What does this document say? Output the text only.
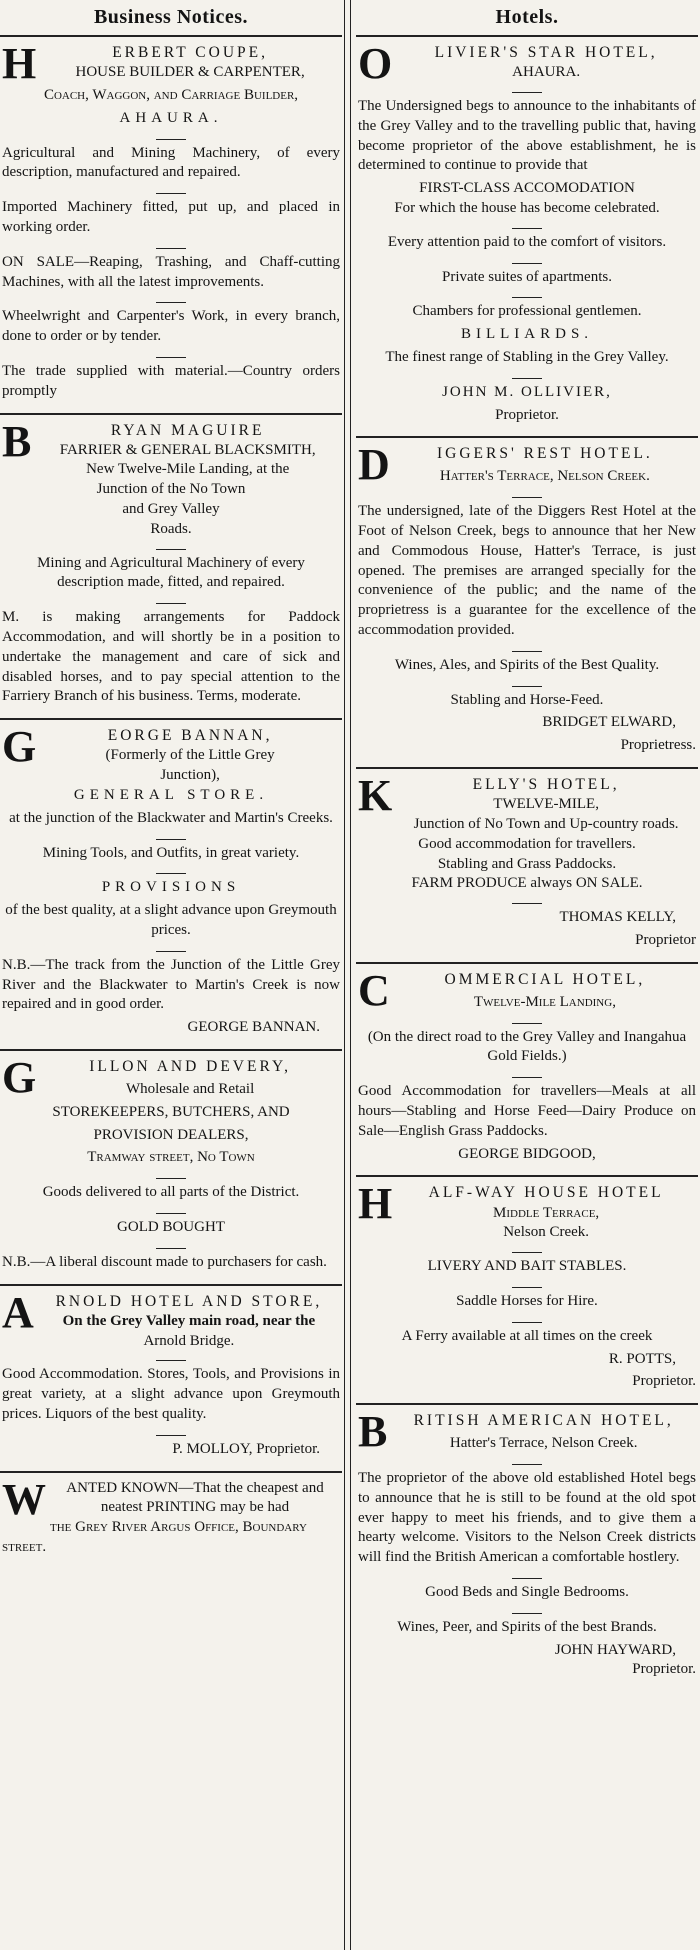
Business Notices.
H	ERBERT COUPE,
HOUSE BUILDER & CARPENTER,

Coach, Waggon, and Carriage Builder,

AHAURA.

Agricultural and Mining Machinery, of every description, manufactured and repaired.

Imported Machinery fitted, put up, and placed in working order.

ON SALE—Reaping, Trashing, and Chaff-cutting Machines, with all the latest improvements.

Wheelwright and Carpenter's Work, in every branch, done to order or by tender.

The trade supplied with material.—Country orders promptly

B	RYAN MAGUIRE
FARRIER & GENERAL BLACKSMITH,
New Twelve-Mile Landing, at the
Junction of the No Town
and Grey Valley
Roads.

Mining and Agricultural Machinery of every description made, fitted, and repaired.

M. is making arrangements for Paddock Accommodation, and will shortly be in a position to undertake the management and care of sick and disabled horses, and to pay special attention to the Farriery Branch of his business. Terms, moderate.

G	EORGE BANNAN,
(Formerly of the Little Grey
Junction),
GENERAL STORE.

at the junction of the Blackwater and Martin's Creeks.

Mining Tools, and Outfits, in great variety.

PROVISIONS

of the best quality, at a slight advance upon Greymouth prices.

N.B.—The track from the Junction of the Little Grey River and the Blackwater to Martin's Creek is now repaired and in good order.

GEORGE BANNAN.

G	ILLON AND DEVERY,

Wholesale and Retail

STOREKEEPERS, BUTCHERS, AND

PROVISION DEALERS,

Tramway street, No Town

Goods delivered to all parts of the District.

GOLD BOUGHT

N.B.—A liberal discount made to purchasers for cash.

A	RNOLD HOTEL AND STORE,
On the Grey Valley main road, near the
Arnold Bridge.

Good Accommodation. Stores, Tools, and Provisions in great variety, at a slight advance upon Greymouth prices. Liquors of the best quality.

P. MOLLOY, Proprietor.

W	ANTED KNOWN—That the cheapest and neatest PRINTING may be had
the Grey River Argus Office, Boundary street.
Hotels.
O	LIVIER'S STAR HOTEL,
AHAURA.

The Undersigned begs to announce to the inhabitants of the Grey Valley and to the travelling public that, having become proprietor of the above establishment, he is determined to continue to provide that

FIRST-CLASS ACCOMODATION
For which the house has become celebrated.

Every attention paid to the comfort of visitors.

Private suites of apartments.

Chambers for professional gentlemen.

BILLIARDS.

The finest range of Stabling in the Grey Valley.

JOHN M. OLLIVIER,

Proprietor.

D	IGGERS' REST HOTEL.

Hatter's Terrace, Nelson Creek.

The undersigned, late of the Diggers Rest Hotel at the Foot of Nelson Creek, begs to announce that her New and Commodous House, Hatter's Terrace, is just opened. The premises are arranged specially for the convenience of the public; and the name of the proprietress is a guarantee for the excellence of the accommodation provided.

Wines, Ales, and Spirits of the Best Quality.

Stabling and Horse-Feed.

BRIDGET ELWARD,

Proprietress.

K	ELLY'S HOTEL,
TWELVE-MILE,
Junction of No Town and Up-country roads.
Good accommodation for travellers.
Stabling and Grass Paddocks.
FARM PRODUCE always ON SALE.

THOMAS KELLY,

Proprietor

C	OMMERCIAL HOTEL,

Twelve-Mile Landing,

(On the direct road to the Grey Valley and Inangahua Gold Fields.)

Good Accommodation for travellers—Meals at all hours—Stabling and Horse Feed—Dairy Produce on Sale—English Grass Paddocks.

GEORGE BIDGOOD,

H	ALF-WAY HOUSE HOTEL
Middle Terrace,
Nelson Creek.

LIVERY AND BAIT STABLES.

Saddle Horses for Hire.

A Ferry available at all times on the creek

R. POTTS,

Proprietor.

B	RITISH AMERICAN HOTEL,

Hatter's Terrace, Nelson Creek.

The proprietor of the above old established Hotel begs to announce that he is still to be found at the old spot ever happy to meet his friends, and to give them a hearty welcome. Visitors to the Nelson Creek districts will find the British American a comfortable hostlery.

Good Beds and Single Bedrooms.

Wines, Peer, and Spirits of the best Brands.

JOHN HAYWARD,
Proprietor.
